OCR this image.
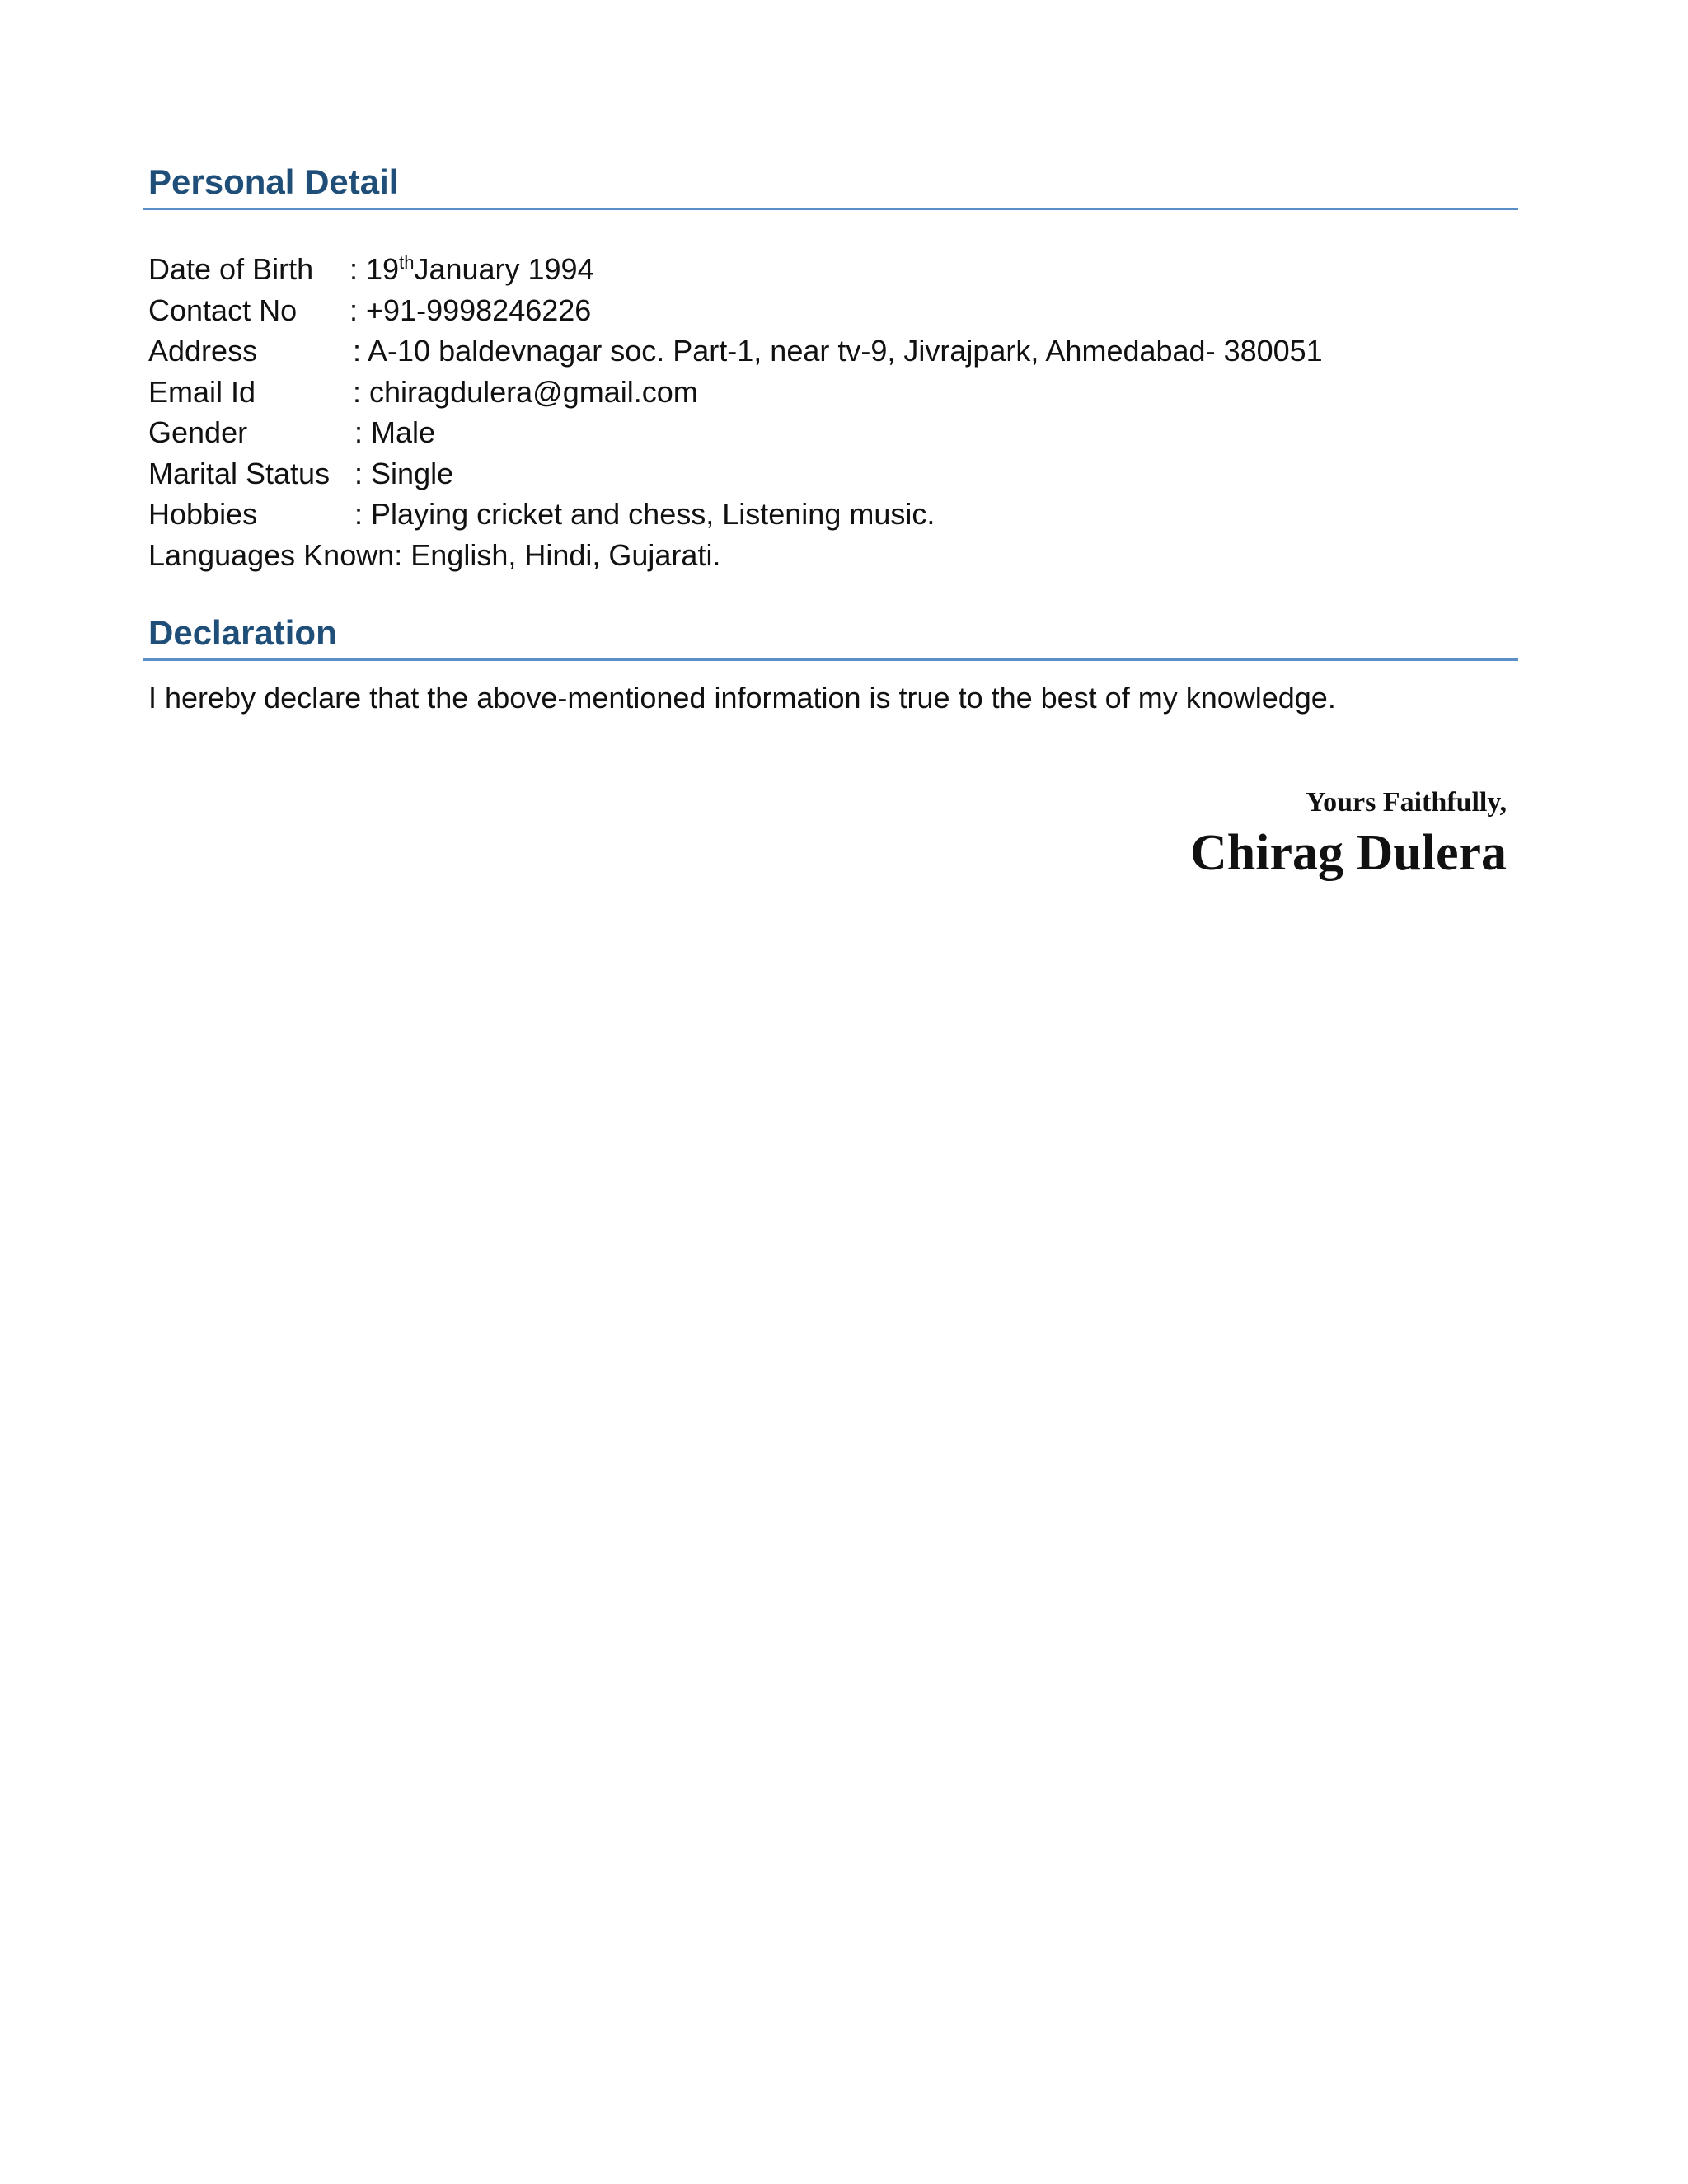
Personal Detail
Date of Birth : 19thJanuary 1994
Contact No : +91-9998246226
Address	: A-10 baldevnagar soc. Part-1, near tv-9, Jivrajpark, Ahmedabad- 380051
Email Id	: chiragdulera@gmail.com
Gender	: Male
Marital Status : Single
Hobbies	: Playing cricket and chess, Listening music.
Languages Known: English, Hindi, Gujarati.
Declaration
I hereby declare that the above-mentioned information is true to the best of my knowledge.
Yours Faithfully,
Chirag Dulera
